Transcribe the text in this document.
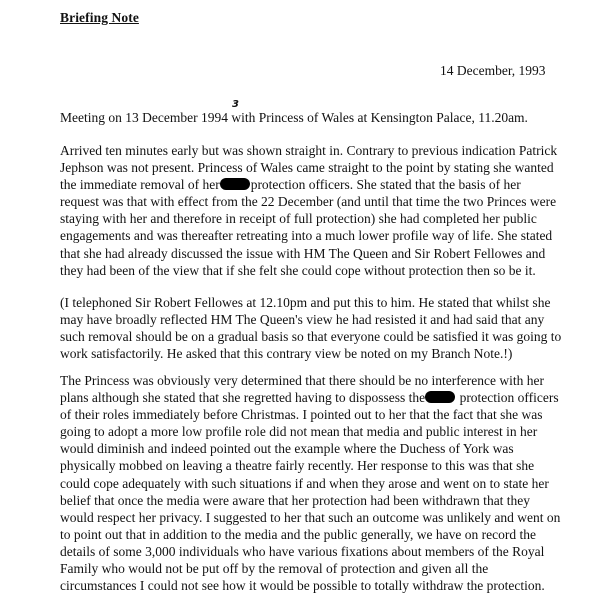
Briefing Note
14 December, 1993
3
Meeting on 13 December 1994 with Princess of Wales at Kensington Palace, 11.20am.
Arrived ten minutes early but was shown straight in. Contrary to previous indication Patrick
Jephson was not present. Princess of Wales came straight to the point by stating she wanted
the immediate removal of her protection officers. She stated that the basis of her
request was that with effect from the 22 December (and until that time the two Princes were
staying with her and therefore in receipt of full protection) she had completed her public
engagements and was thereafter retreating into a much lower profile way of life. She stated
that she had already discussed the issue with HM The Queen and Sir Robert Fellowes and
they had been of the view that if she felt she could cope without protection then so be it.
(I telephoned Sir Robert Fellowes at 12.10pm and put this to him. He stated that whilst she
may have broadly reflected HM The Queen's view he had resisted it and had said that any
such removal should be on a gradual basis so that everyone could be satisfied it was going to
work satisfactorily. He asked that this contrary view be noted on my Branch Note.!)
The Princess was obviously very determined that there should be no interference with her
plans although she stated that she regretted having to dispossess the protection officers
of their roles immediately before Christmas. I pointed out to her that the fact that she was
going to adopt a more low profile role did not mean that media and public interest in her
would diminish and indeed pointed out the example where the Duchess of York was
physically mobbed on leaving a theatre fairly recently. Her response to this was that she
could cope adequately with such situations if and when they arose and went on to state her
belief that once the media were aware that her protection had been withdrawn that they
would respect her privacy. I suggested to her that such an outcome was unlikely and went on
to point out that in addition to the media and the public generally, we have on record the
details of some 3,000 individuals who have various fixations about members of the Royal
Family who would not be put off by the removal of protection and given all the
circumstances I could not see how it would be possible to totally withdraw the protection.
